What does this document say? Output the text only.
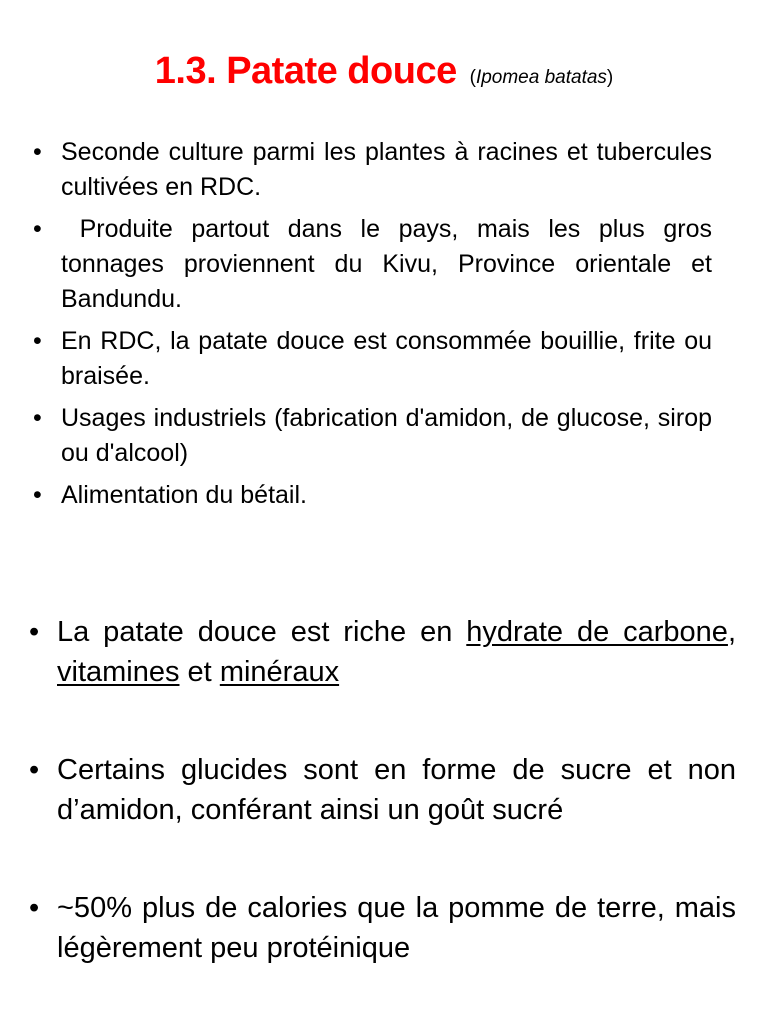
1.3. Patate douce (Ipomea batatas)
• Seconde culture parmi les plantes à racines et tubercules cultivées en RDC.
• Produite partout dans le pays, mais les plus gros tonnages proviennent du Kivu, Province orientale et Bandundu.
• En RDC, la patate douce est consommée bouillie, frite ou braisée.
• Usages industriels (fabrication d'amidon, de glucose, sirop ou d'alcool)
• Alimentation du bétail.
• La patate douce est riche en hydrate de carbone, vitamines et minéraux
• Certains glucides sont en forme de sucre et non d’amidon, conférant ainsi un goût sucré
• ~50% plus de calories que la pomme de terre, mais légèrement peu protéinique
